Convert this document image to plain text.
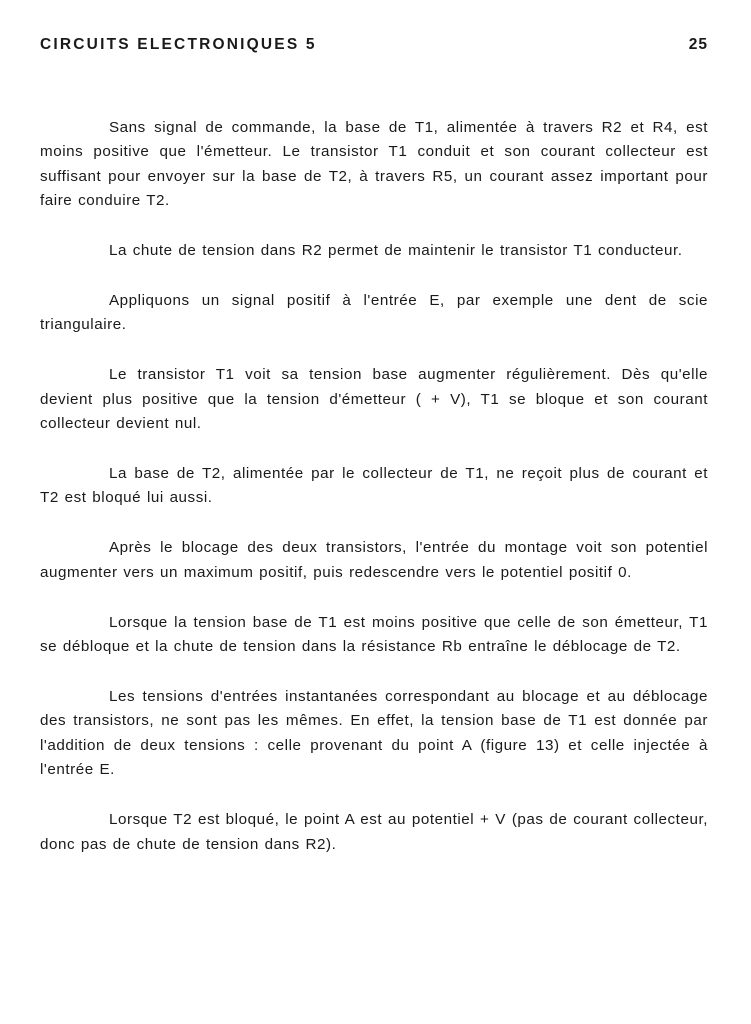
CIRCUITS ELECTRONIQUES 5	25

Sans signal de commande, la base de T1, alimentée à travers R2 et R4, est moins positive que l'émetteur. Le transistor T1 conduit et son courant collecteur est suffisant pour envoyer sur la base de T2, à travers R5, un courant assez important pour faire conduire T2.

La chute de tension dans R2 permet de maintenir le transistor T1 conducteur.

Appliquons un signal positif à l'entrée E, par exemple une dent de scie triangulaire.

Le transistor T1 voit sa tension base augmenter régulièrement. Dès qu'elle devient plus positive que la tension d'émetteur ( + V), T1 se bloque et son courant collecteur devient nul.

La base de T2, alimentée par le collecteur de T1, ne reçoit plus de courant et T2 est bloqué lui aussi.

Après le blocage des deux transistors, l'entrée du montage voit son potentiel augmenter vers un maximum positif, puis redescendre vers le potentiel positif 0.

Lorsque la tension base de T1 est moins positive que celle de son émetteur, T1 se débloque et la chute de tension dans la résistance Rb entraîne le déblocage de T2.

Les tensions d'entrées instantanées correspondant au blocage et au déblocage des transistors, ne sont pas les mêmes. En effet, la tension base de T1 est donnée par l'addition de deux tensions : celle provenant du point A (figure 13) et celle injectée à l'entrée E.

Lorsque T2 est bloqué, le point A est au potentiel + V (pas de courant collecteur, donc pas de chute de tension dans R2).
